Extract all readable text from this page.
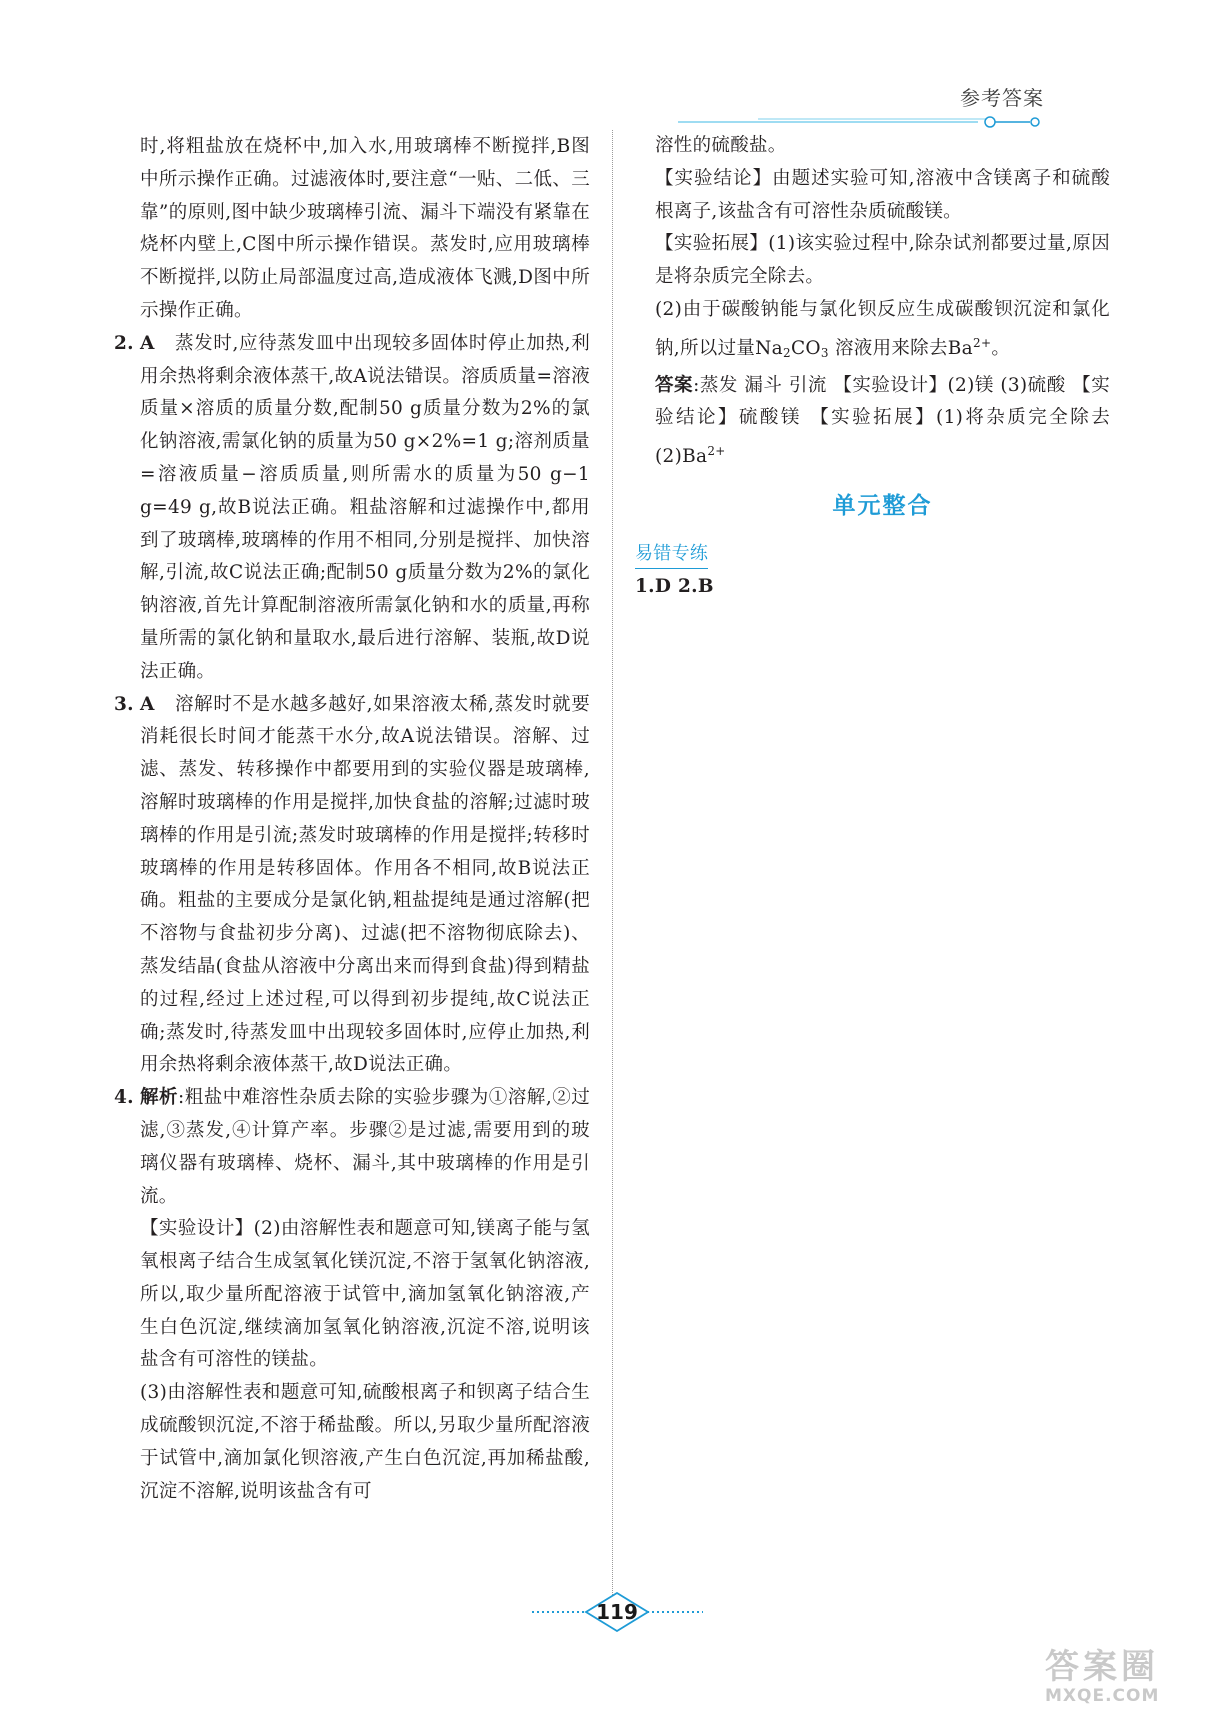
参考答案

时,将粗盐放在烧杯中,加入水,用玻璃棒不断搅拌,B图中所示操作正确。过滤液体时,要注意“一贴、二低、三靠”的原则,图中缺少玻璃棒引流、漏斗下端没有紧靠在烧杯内壁上,C图中所示操作错误。蒸发时,应用玻璃棒不断搅拌,以防止局部温度过高,造成液体飞溅,D图中所示操作正确。

2. A 蒸发时,应待蒸发皿中出现较多固体时停止加热,利用余热将剩余液体蒸干,故A说法错误。溶质质量=溶液质量×溶质的质量分数,配制50 g质量分数为2%的氯化钠溶液,需氯化钠的质量为50 g×2%=1 g;溶剂质量=溶液质量−溶质质量,则所需水的质量为50 g−1 g=49 g,故B说法正确。粗盐溶解和过滤操作中,都用到了玻璃棒,玻璃棒的作用不相同,分别是搅拌、加快溶解,引流,故C说法正确;配制50 g质量分数为2%的氯化钠溶液,首先计算配制溶液所需氯化钠和水的质量,再称量所需的氯化钠和量取水,最后进行溶解、装瓶,故D说法正确。
3. A 溶解时不是水越多越好,如果溶液太稀,蒸发时就要消耗很长时间才能蒸干水分,故A说法错误。溶解、过滤、蒸发、转移操作中都要用到的实验仪器是玻璃棒,溶解时玻璃棒的作用是搅拌,加快食盐的溶解;过滤时玻璃棒的作用是引流;蒸发时玻璃棒的作用是搅拌;转移时玻璃棒的作用是转移固体。作用各不相同,故B说法正确。粗盐的主要成分是氯化钠,粗盐提纯是通过溶解(把不溶物与食盐初步分离)、过滤(把不溶物彻底除去)、蒸发结晶(食盐从溶液中分离出来而得到食盐)得到精盐的过程,经过上述过程,可以得到初步提纯,故C说法正确;蒸发时,待蒸发皿中出现较多固体时,应停止加热,利用余热将剩余液体蒸干,故D说法正确。
4. 解析:粗盐中难溶性杂质去除的实验步骤为①溶解,②过滤,③蒸发,④计算产率。步骤②是过滤,需要用到的玻璃仪器有玻璃棒、烧杯、漏斗,其中玻璃棒的作用是引流。

【实验设计】(2)由溶解性表和题意可知,镁离子能与氢氧根离子结合生成氢氧化镁沉淀,不溶于氢氧化钠溶液,所以,取少量所配溶液于试管中,滴加氢氧化钠溶液,产生白色沉淀,继续滴加氢氧化钠溶液,沉淀不溶,说明该盐含有可溶性的镁盐。

(3)由溶解性表和题意可知,硫酸根离子和钡离子结合生成硫酸钡沉淀,不溶于稀盐酸。所以,另取少量所配溶液于试管中,滴加氯化钡溶液,产生白色沉淀,再加稀盐酸,沉淀不溶解,说明该盐含有可

溶性的硫酸盐。

【实验结论】由题述实验可知,溶液中含镁离子和硫酸根离子,该盐含有可溶性杂质硫酸镁。

【实验拓展】(1)该实验过程中,除杂试剂都要过量,原因是将杂质完全除去。

(2)由于碳酸钠能与氯化钡反应生成碳酸钡沉淀和氯化钠,所以过量$Na_2CO_3$ 溶液用来除去$Ba^{2+}$。

答案:蒸发 漏斗 引流 【实验设计】(2)镁 (3)硫酸 【实验结论】硫酸镁 【实验拓展】(1)将杂质完全除去 $(2)Ba^{2+}$

单元整合
易错专练
1.D 2.B
119
答案圈
MXQE.COM
